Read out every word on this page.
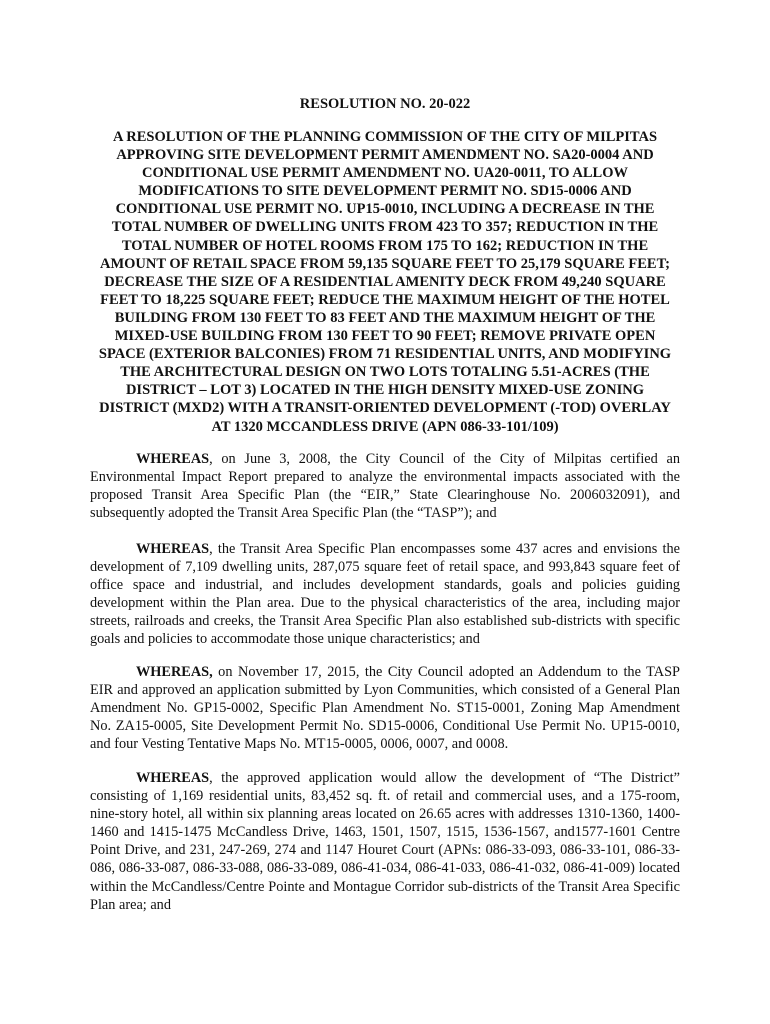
RESOLUTION NO. 20-022
A RESOLUTION OF THE PLANNING COMMISSION OF THE CITY OF MILPITAS APPROVING SITE DEVELOPMENT PERMIT AMENDMENT NO. SA20-0004 AND CONDITIONAL USE PERMIT AMENDMENT NO. UA20-0011, TO ALLOW MODIFICATIONS TO SITE DEVELOPMENT PERMIT NO. SD15-0006 AND CONDITIONAL USE PERMIT NO. UP15-0010, INCLUDING A DECREASE IN THE TOTAL NUMBER OF DWELLING UNITS FROM 423 TO 357; REDUCTION IN THE TOTAL NUMBER OF HOTEL ROOMS FROM 175 TO 162; REDUCTION IN THE AMOUNT OF RETAIL SPACE FROM 59,135 SQUARE FEET TO 25,179 SQUARE FEET; DECREASE THE SIZE OF A RESIDENTIAL AMENITY DECK FROM 49,240 SQUARE FEET TO 18,225 SQUARE FEET; REDUCE THE MAXIMUM HEIGHT OF THE HOTEL BUILDING FROM 130 FEET TO 83 FEET AND THE MAXIMUM HEIGHT OF THE MIXED-USE BUILDING FROM 130 FEET TO 90 FEET; REMOVE PRIVATE OPEN SPACE (EXTERIOR BALCONIES) FROM 71 RESIDENTIAL UNITS, AND MODIFYING THE ARCHITECTURAL DESIGN ON TWO LOTS TOTALING 5.51-ACRES (THE DISTRICT – LOT 3) LOCATED IN THE HIGH DENSITY MIXED-USE ZONING DISTRICT (MXD2) WITH A TRANSIT-ORIENTED DEVELOPMENT (-TOD) OVERLAY AT 1320 MCCANDLESS DRIVE (APN 086-33-101/109)

WHEREAS, on June 3, 2008, the City Council of the City of Milpitas certified an Environmental Impact Report prepared to analyze the environmental impacts associated with the proposed Transit Area Specific Plan (the “EIR,” State Clearinghouse No. 2006032091), and subsequently adopted the Transit Area Specific Plan (the “TASP”); and

WHEREAS, the Transit Area Specific Plan encompasses some 437 acres and envisions the development of 7,109 dwelling units, 287,075 square feet of retail space, and 993,843 square feet of office space and industrial, and includes development standards, goals and policies guiding development within the Plan area. Due to the physical characteristics of the area, including major streets, railroads and creeks, the Transit Area Specific Plan also established sub-districts with specific goals and policies to accommodate those unique characteristics; and

WHEREAS, on November 17, 2015, the City Council adopted an Addendum to the TASP EIR and approved an application submitted by Lyon Communities, which consisted of a General Plan Amendment No. GP15-0002, Specific Plan Amendment No. ST15-0001, Zoning Map Amendment No. ZA15-0005, Site Development Permit No. SD15-0006, Conditional Use Permit No. UP15-0010, and four Vesting Tentative Maps No. MT15-0005, 0006, 0007, and 0008.

WHEREAS, the approved application would allow the development of “The District” consisting of 1,169 residential units, 83,452 sq. ft. of retail and commercial uses, and a 175-room, nine-story hotel, all within six planning areas located on 26.65 acres with addresses 1310-1360, 1400-1460 and 1415-1475 McCandless Drive, 1463, 1501, 1507, 1515, 1536-1567, and1577-1601 Centre Point Drive, and 231, 247-269, 274 and 1147 Houret Court (APNs: 086-33-093, 086-33-101, 086-33-086, 086-33-087, 086-33-088, 086-33-089, 086-41-034, 086-41-033, 086-41-032, 086-41-009) located within the McCandless/Centre Pointe and Montague Corridor sub-districts of the Transit Area Specific Plan area; and
